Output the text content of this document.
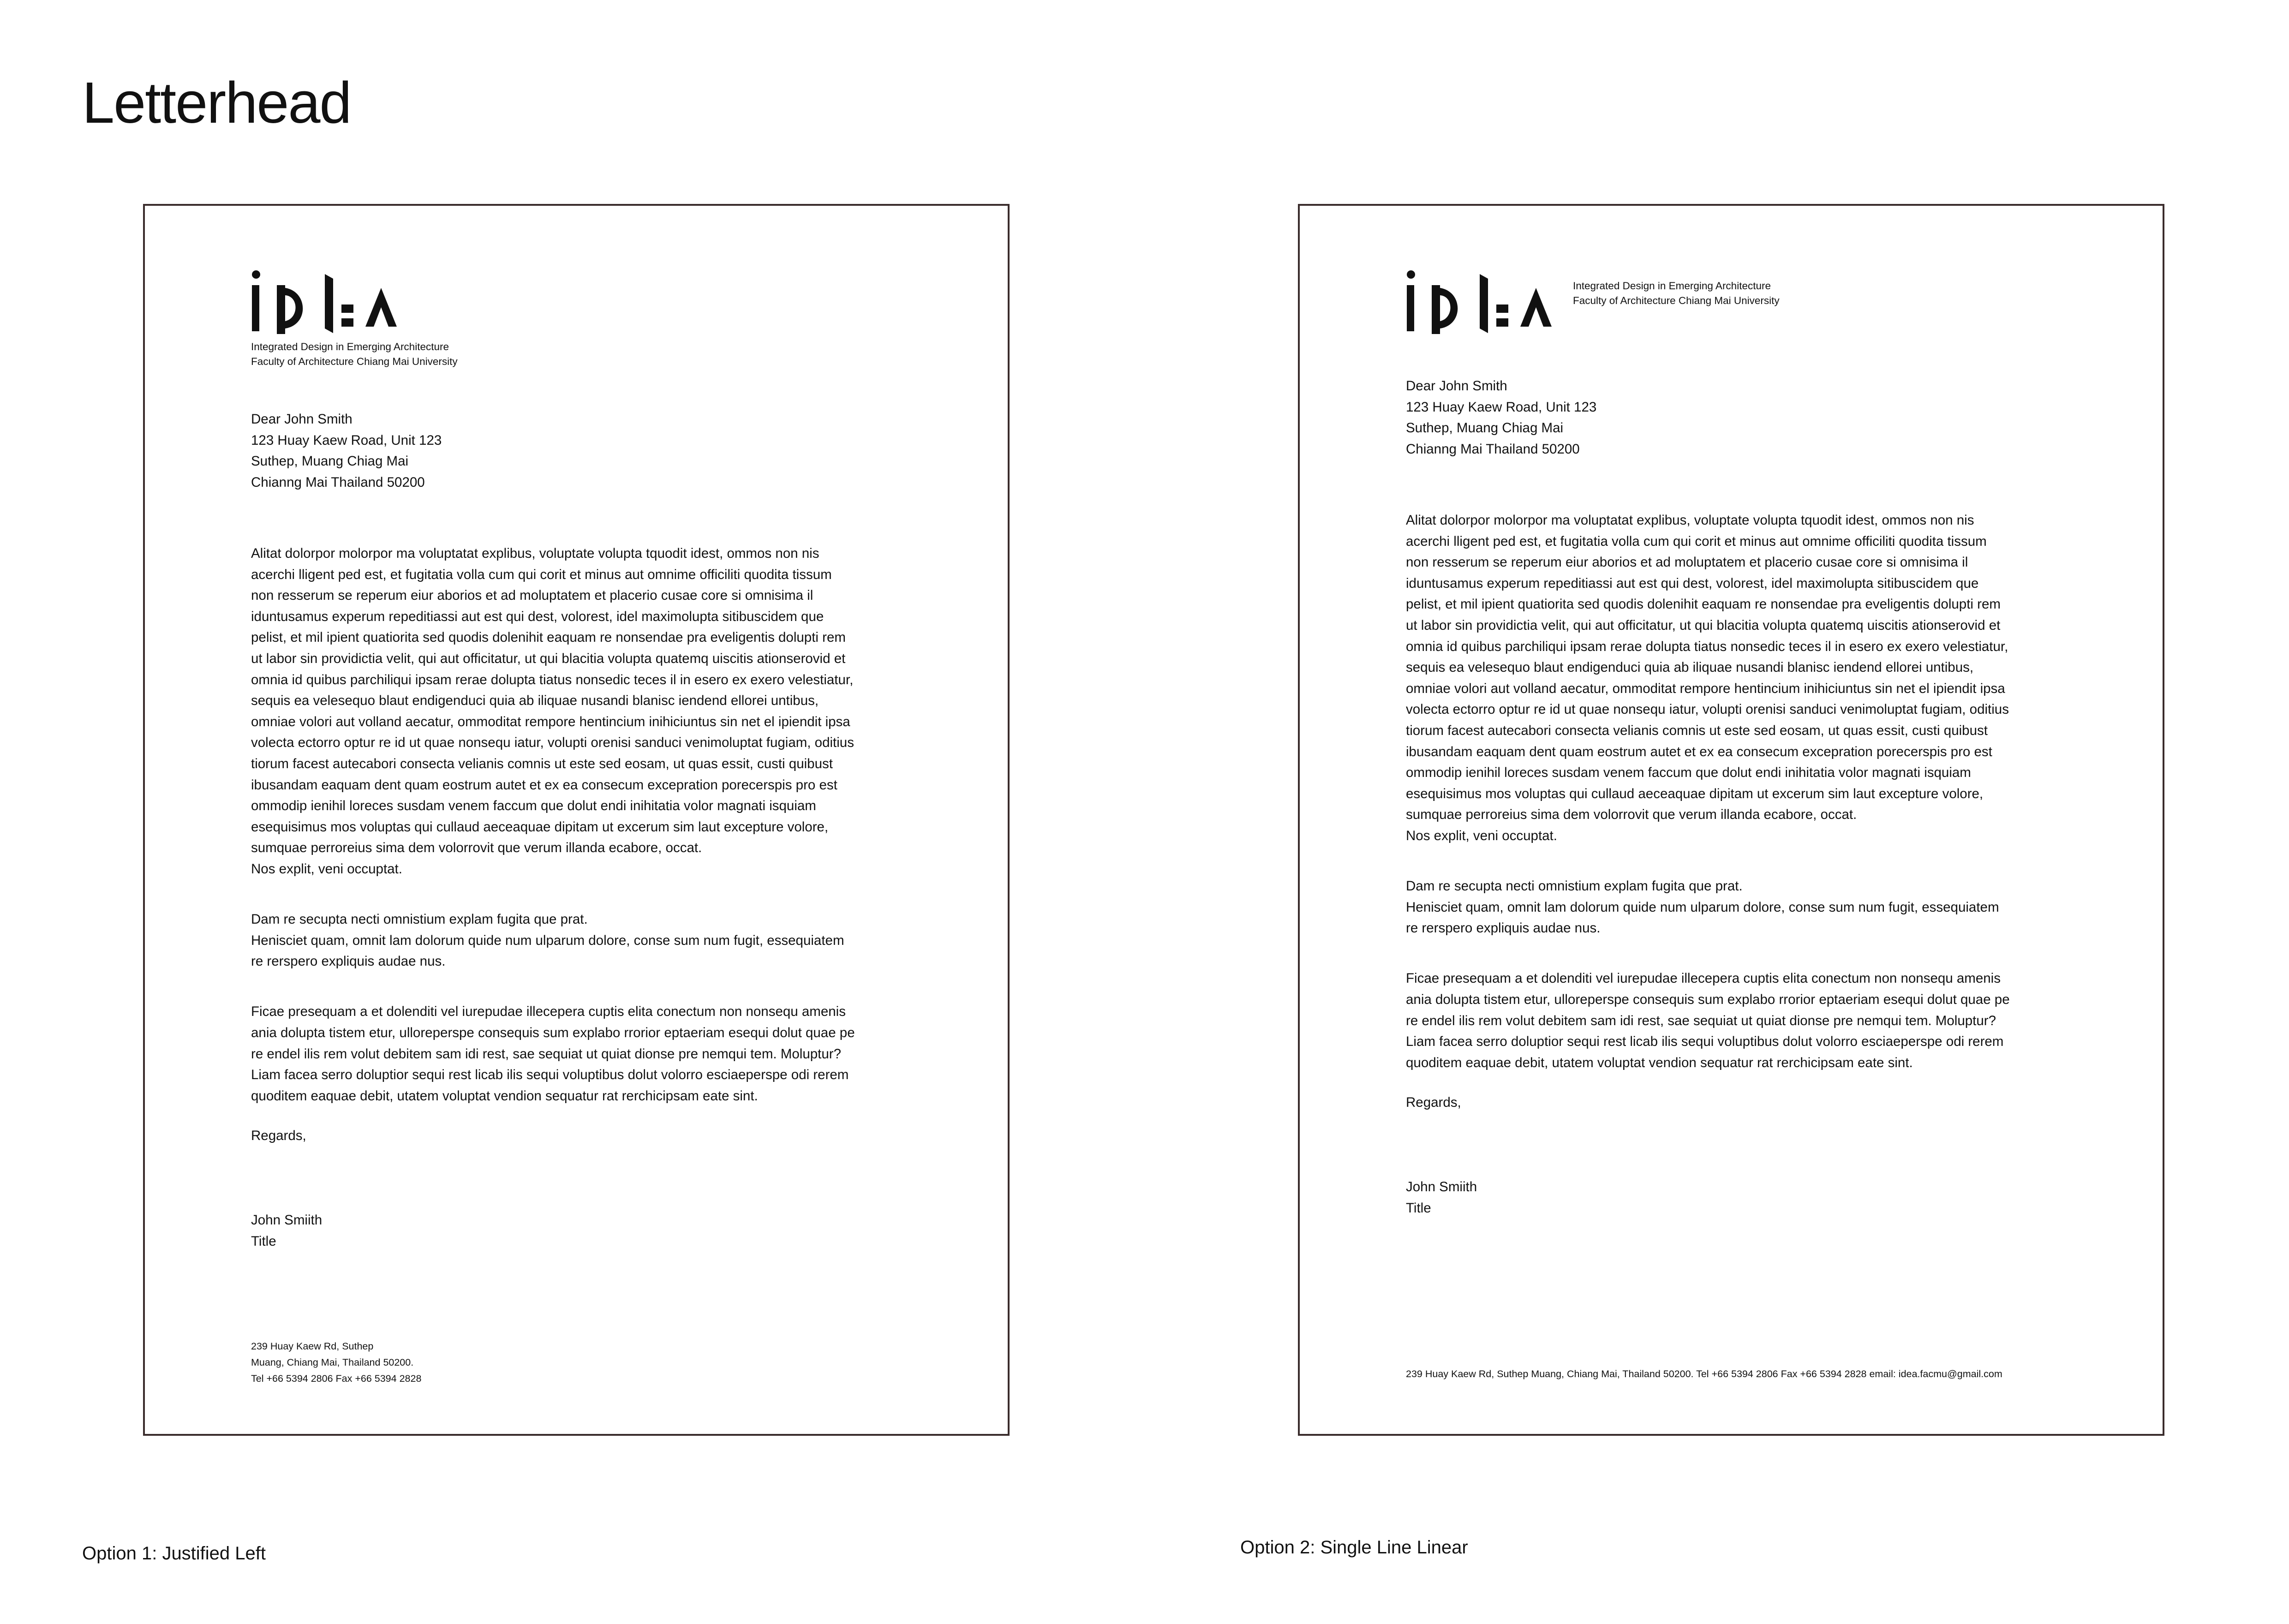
Letterhead
Integrated Design in Emerging Architecture
Faculty of Architecture Chiang Mai University
Dear John Smith
123 Huay Kaew Road, Unit 123
Suthep, Muang Chiag Mai
Chianng Mai Thailand 50200

Alitat dolorpor molorpor ma voluptatat explibus, voluptate volupta tquodit idest, ommos non nis
acerchi lligent ped est, et fugitatia volla cum qui corit et minus aut omnime officiliti quodita tissum
non resserum se reperum eiur aborios et ad moluptatem et placerio cusae core si omnisima il
iduntusamus experum repeditiassi aut est qui dest, volorest, idel maximolupta sitibuscidem que
pelist, et mil ipient quatiorita sed quodis dolenihit eaquam re nonsendae pra eveligentis dolupti rem
ut labor sin providictia velit, qui aut officitatur, ut qui blacitia volupta quatemq uiscitis ationserovid et
omnia id quibus parchiliqui ipsam rerae dolupta tiatus nonsedic teces il in esero ex exero velestiatur,
sequis ea velesequo blaut endigenduci quia ab iliquae nusandi blanisc iendend ellorei untibus,
omniae volori aut volland aecatur, ommoditat rempore hentincium inihiciuntus sin net el ipiendit ipsa
volecta ectorro optur re id ut quae nonsequ iatur, volupti orenisi sanduci venimoluptat fugiam, oditius
tiorum facest autecabori consecta velianis comnis ut este sed eosam, ut quas essit, custi quibust
ibusandam eaquam dent quam eostrum autet et ex ea consecum excepration porecerspis pro est
ommodip ienihil loreces susdam venem faccum que dolut endi inihitatia volor magnati isquiam
esequisimus mos voluptas qui cullaud aeceaquae dipitam ut excerum sim laut excepture volore,
sumquae perroreius sima dem volorrovit que verum illanda ecabore, occat.
Nos explit, veni occuptat.

Dam re secupta necti omnistium explam fugita que prat.
Henisciet quam, omnit lam dolorum quide num ulparum dolore, conse sum num fugit, essequiatem
re rerspero expliquis audae nus.

Ficae presequam a et dolenditi vel iurepudae illecepera cuptis elita conectum non nonsequ amenis
ania dolupta tistem etur, ulloreperspe consequis sum explabo rrorior eptaeriam esequi dolut quae pe
re endel ilis rem volut debitem sam idi rest, sae sequiat ut quiat dionse pre nemqui tem. Moluptur?
Liam facea serro doluptior sequi rest licab ilis sequi voluptibus dolut volorro esciaeperspe odi rerem
quoditem eaquae debit, utatem voluptat vendion sequatur rat rerchicipsam eate sint.

Regards,
John Smiith
Title
239 Huay Kaew Rd, Suthep
Muang, Chiang Mai, Thailand 50200.
Tel +66 5394 2806 Fax +66 5394 2828
Integrated Design in Emerging Architecture
Faculty of Architecture Chiang Mai University
Dear John Smith
123 Huay Kaew Road, Unit 123
Suthep, Muang Chiag Mai
Chianng Mai Thailand 50200

Alitat dolorpor molorpor ma voluptatat explibus, voluptate volupta tquodit idest, ommos non nis
acerchi lligent ped est, et fugitatia volla cum qui corit et minus aut omnime officiliti quodita tissum
non resserum se reperum eiur aborios et ad moluptatem et placerio cusae core si omnisima il
iduntusamus experum repeditiassi aut est qui dest, volorest, idel maximolupta sitibuscidem que
pelist, et mil ipient quatiorita sed quodis dolenihit eaquam re nonsendae pra eveligentis dolupti rem
ut labor sin providictia velit, qui aut officitatur, ut qui blacitia volupta quatemq uiscitis ationserovid et
omnia id quibus parchiliqui ipsam rerae dolupta tiatus nonsedic teces il in esero ex exero velestiatur,
sequis ea velesequo blaut endigenduci quia ab iliquae nusandi blanisc iendend ellorei untibus,
omniae volori aut volland aecatur, ommoditat rempore hentincium inihiciuntus sin net el ipiendit ipsa
volecta ectorro optur re id ut quae nonsequ iatur, volupti orenisi sanduci venimoluptat fugiam, oditius
tiorum facest autecabori consecta velianis comnis ut este sed eosam, ut quas essit, custi quibust
ibusandam eaquam dent quam eostrum autet et ex ea consecum excepration porecerspis pro est
ommodip ienihil loreces susdam venem faccum que dolut endi inihitatia volor magnati isquiam
esequisimus mos voluptas qui cullaud aeceaquae dipitam ut excerum sim laut excepture volore,
sumquae perroreius sima dem volorrovit que verum illanda ecabore, occat.
Nos explit, veni occuptat.

Dam re secupta necti omnistium explam fugita que prat.
Henisciet quam, omnit lam dolorum quide num ulparum dolore, conse sum num fugit, essequiatem
re rerspero expliquis audae nus.

Ficae presequam a et dolenditi vel iurepudae illecepera cuptis elita conectum non nonsequ amenis
ania dolupta tistem etur, ulloreperspe consequis sum explabo rrorior eptaeriam esequi dolut quae pe
re endel ilis rem volut debitem sam idi rest, sae sequiat ut quiat dionse pre nemqui tem. Moluptur?
Liam facea serro doluptior sequi rest licab ilis sequi voluptibus dolut volorro esciaeperspe odi rerem
quoditem eaquae debit, utatem voluptat vendion sequatur rat rerchicipsam eate sint.

Regards,
John Smiith
Title
239 Huay Kaew Rd, Suthep Muang, Chiang Mai, Thailand 50200. Tel +66 5394 2806 Fax +66 5394 2828 email: idea.facmu@gmail.com

Option 1: Justified Left	Option 2: Single Line Linear
